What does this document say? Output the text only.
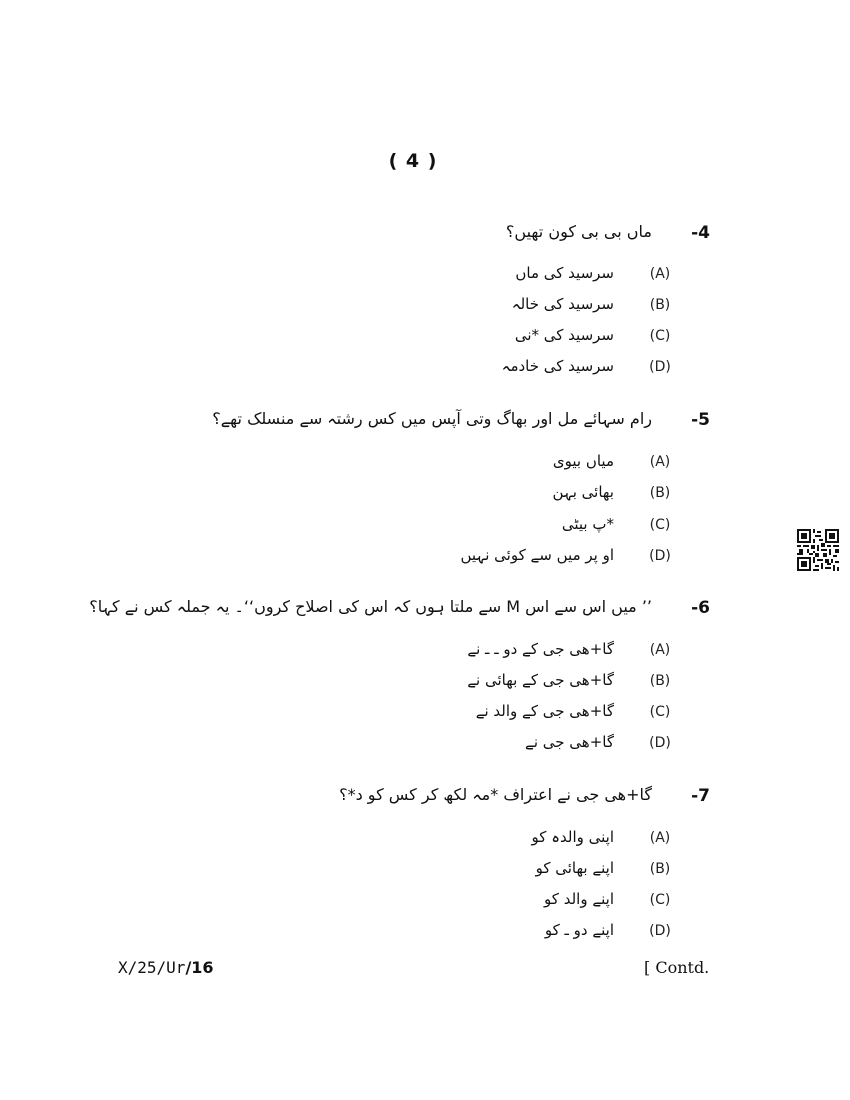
( 4 )
-4
ماں بی بی کون تھیں؟
(A)
سرسید کی ماں
(B)
سرسید کی خالہ
(C)
سرسید کی *نی
(D)
سرسید کی خادمہ
-5
رام سہائے مل اور بھاگ وتی آپس میں کس رشتہ سے منسلک تھے؟
(A)
میاں بیوی
(B)
بھائی بہن
(C)
*پ بیٹی
(D)
او پر میں سے کوئی نہیں
-6
’’ میں اس سے اس M سے ملتا ہوں کہ اس کی اصلاح کروں‘‘۔ یہ جملہ کس نے کہا؟
(A)
گا+ھی جی کے دو ـ ـ نے
(B)
گا+ھی جی کے بھائی نے
(C)
گا+ھی جی کے والد نے
(D)
گا+ھی جی نے
-7
گا+ھی جی نے اعتراف *مہ لکھ کر کس کو د*؟
(A)
اپنی والدہ کو
(B)
اپنے بھائی کو
(C)
اپنے والد کو
(D)
اپنے دو ـ کو
X/25/Ur/16	[ Contd.
